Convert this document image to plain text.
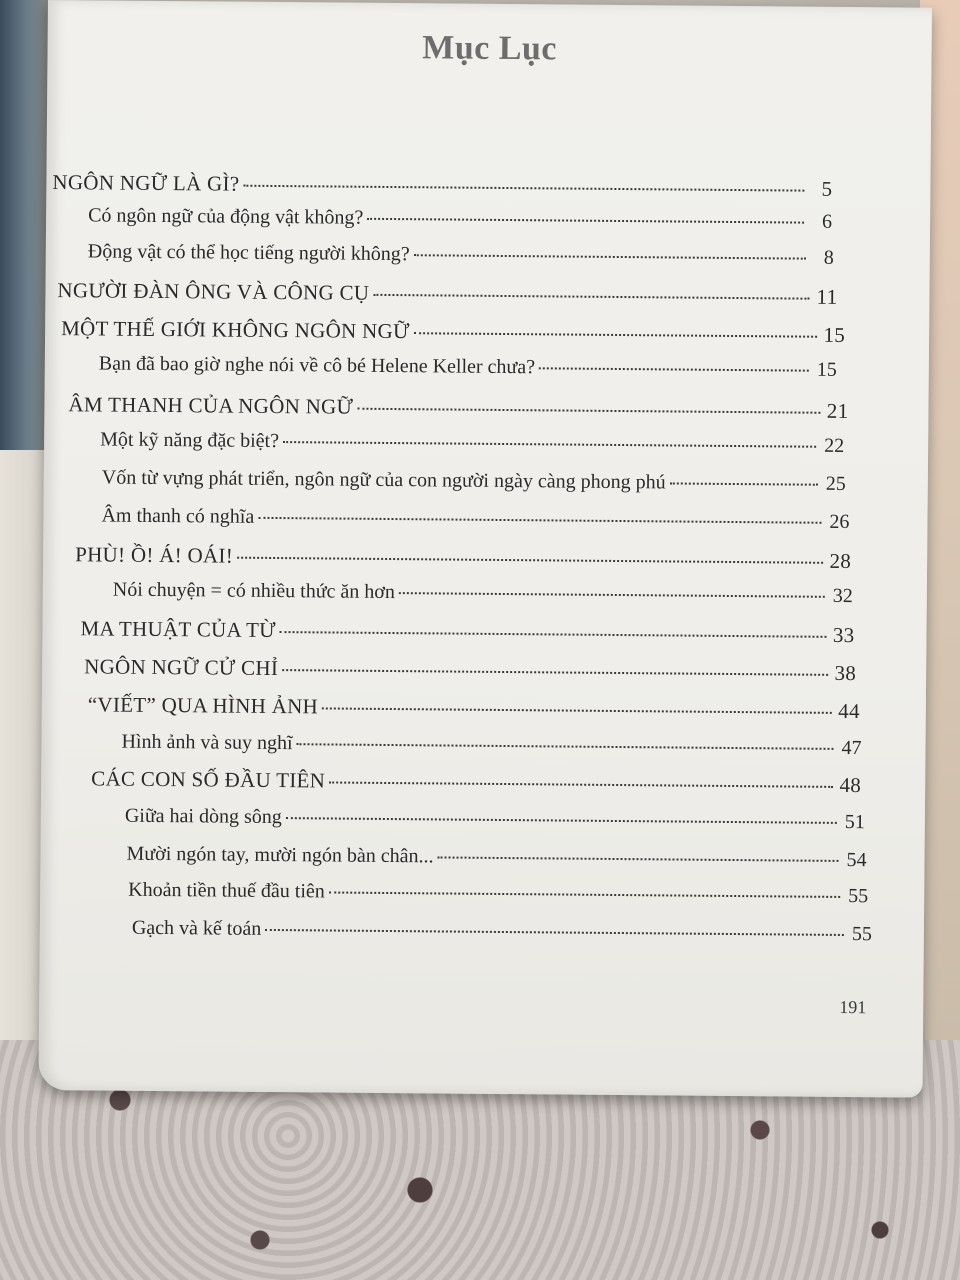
Mục Lục
NGÔN NGỮ LÀ GÌ?	5
Có ngôn ngữ của động vật không?	6
Động vật có thể học tiếng người không?	8
NGƯỜI ĐÀN ÔNG VÀ CÔNG CỤ	11
MỘT THẾ GIỚI KHÔNG NGÔN NGỮ	15
Bạn đã bao giờ nghe nói về cô bé Helene Keller chưa?	15
ÂM THANH CỦA NGÔN NGỮ	21
Một kỹ năng đặc biệt?	22
Vốn từ vựng phát triển, ngôn ngữ của con người ngày càng phong phú	25
Âm thanh có nghĩa	26
PHÙ! Ồ! Á! OÁI!	28
Nói chuyện = có nhiều thức ăn hơn	32
MA THUẬT CỦA TỪ	33
NGÔN NGỮ CỬ CHỈ	38
“VIẾT” QUA HÌNH ẢNH	44
Hình ảnh và suy nghĩ	47
CÁC CON SỐ ĐẦU TIÊN	48
Giữa hai dòng sông	51
Mười ngón tay, mười ngón bàn chân...	54
Khoản tiền thuế đầu tiên	55
Gạch và kế toán	55
191
